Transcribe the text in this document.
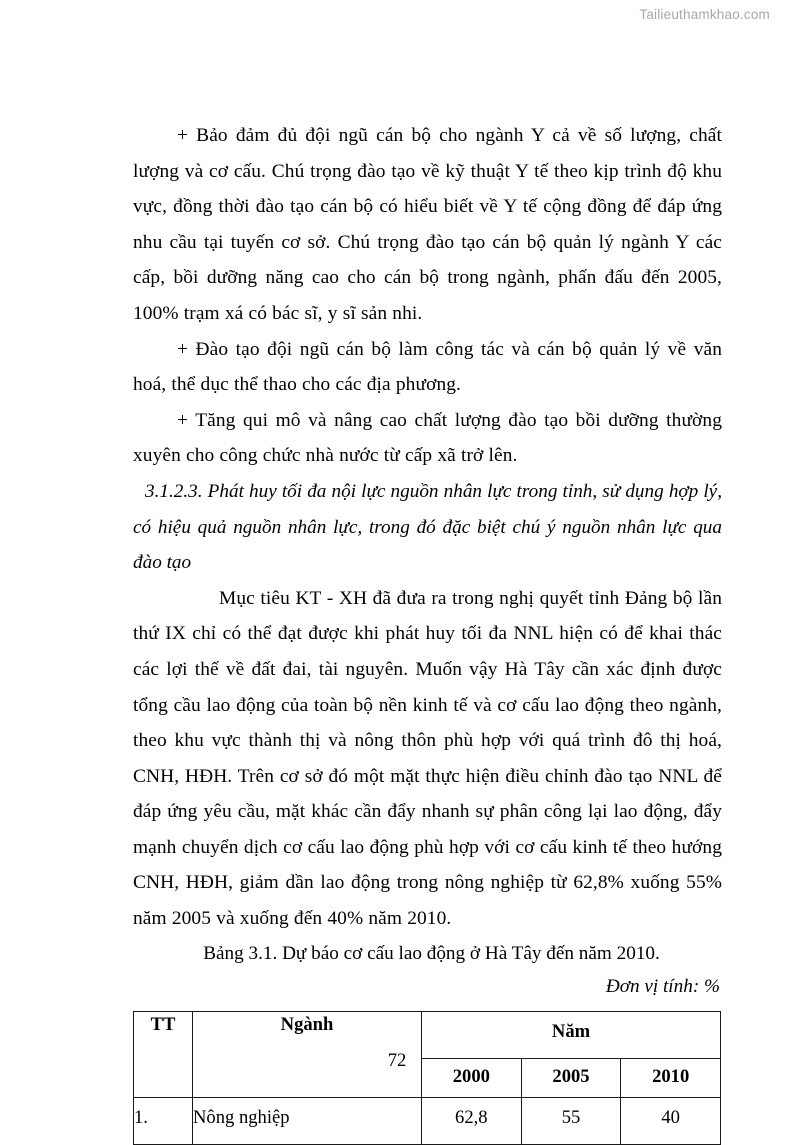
Tailieuthamkhao.com

+ Bảo đảm đủ đội ngũ cán bộ cho ngành Y cả về số lượng, chất lượng và cơ cấu. Chú trọng đào tạo về kỹ thuật Y tế theo kịp trình độ khu vực, đồng thời đào tạo cán bộ có hiểu biết về Y tế cộng đồng để đáp ứng nhu cầu tại tuyến cơ sở. Chú trọng đào tạo cán bộ quản lý ngành Y các cấp, bồi dưỡng năng cao cho cán bộ trong ngành, phấn đấu đến 2005, 100% trạm xá có bác sĩ, y sĩ sản nhi.

+ Đào tạo đội ngũ cán bộ làm công tác và cán bộ quản lý về văn hoá, thể dục thể thao cho các địa phương.

+ Tăng qui mô và nâng cao chất lượng đào tạo bồi dưỡng thường xuyên cho công chức nhà nước từ cấp xã trở lên.

3.1.2.3. Phát huy tối đa nội lực nguồn nhân lực trong tỉnh, sử dụng hợp lý, có hiệu quả nguồn nhân lực, trong đó đặc biệt chú ý nguồn nhân lực qua đào tạo

Mục tiêu KT - XH đã đưa ra trong nghị quyết tỉnh Đảng bộ lần thứ IX chỉ có thể đạt được khi phát huy tối đa NNL hiện có để khai thác các lợi thế về đất đai, tài nguyên. Muốn vậy Hà Tây cần xác định được tổng cầu lao động của toàn bộ nền kinh tế và cơ cấu lao động theo ngành, theo khu vực thành thị và nông thôn phù hợp với quá trình đô thị hoá, CNH, HĐH. Trên cơ sở đó một mặt thực hiện điều chỉnh đào tạo NNL để đáp ứng yêu cầu, mặt khác cần đẩy nhanh sự phân công lại lao động, đẩy mạnh chuyển dịch cơ cấu lao động phù hợp với cơ cấu kinh tế theo hướng CNH, HĐH, giảm dần lao động trong nông nghiệp từ 62,8% xuống 55% năm 2005 và xuống đến 40% năm 2010.

Bảng 3.1. Dự báo cơ cấu lao động ở Hà Tây đến năm 2010.

Đơn vị tính: %

TT	Ngành	Năm		
		2000	2005	2010
1.	Nông nghiệp	62,8	55	40
72
